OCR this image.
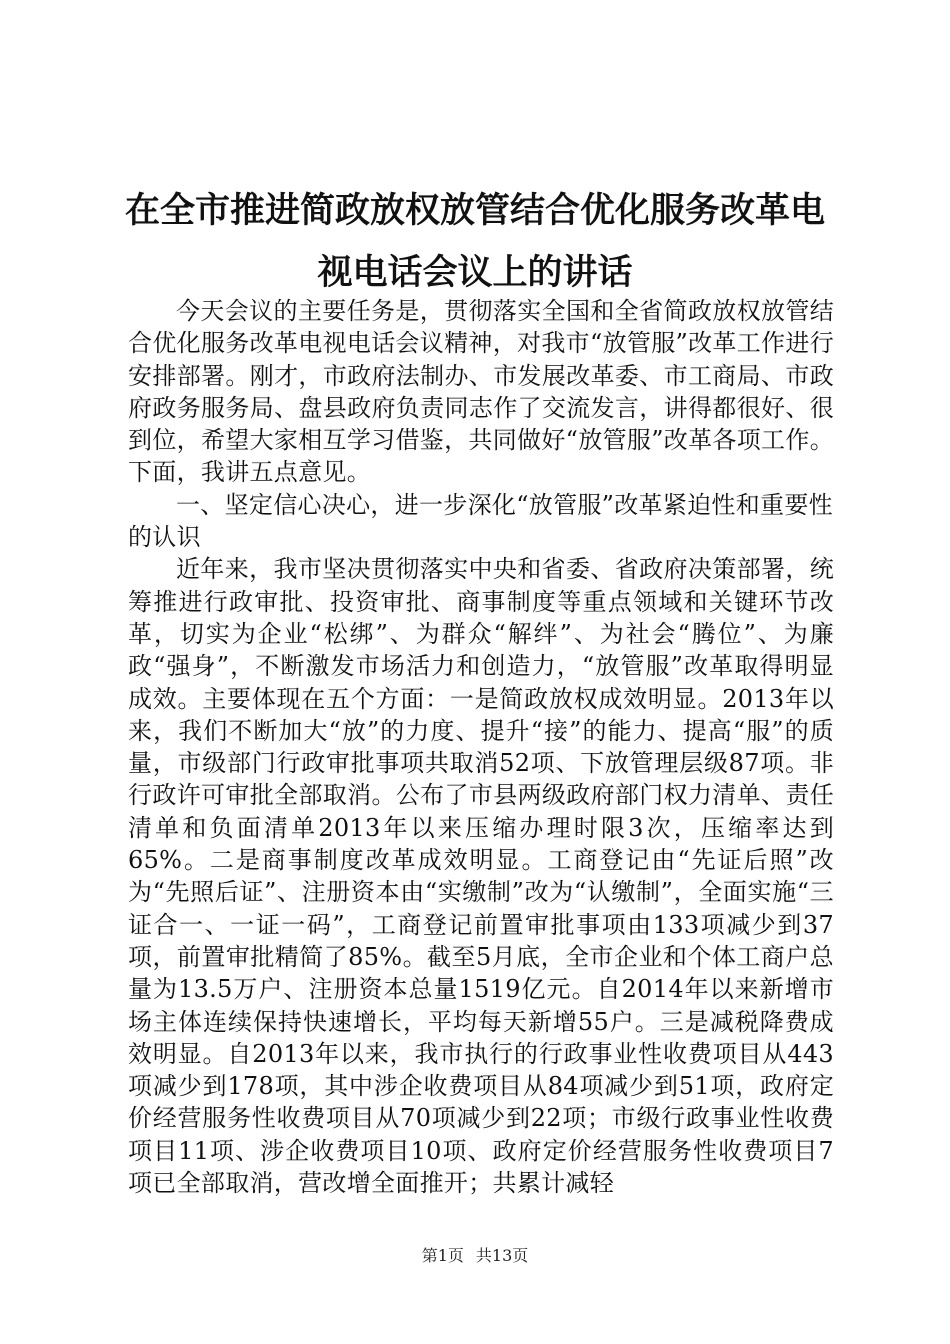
在全市推进简政放权放管结合优化服务改革电
视电话会议上的讲话

今天会议的主要任务是，贯彻落实全国和全省简政放权放管结合优化服务改革电视电话会议精神，对我市“放管服”改革工作进行安排部署。刚才，市政府法制办、市发展改革委、市工商局、市政府政务服务局、盘县政府负责同志作了交流发言，讲得都很好、很到位，希望大家相互学习借鉴，共同做好“放管服”改革各项工作。下面，我讲五点意见。

一、坚定信心决心，进一步深化“放管服”改革紧迫性和重要性的认识

近年来，我市坚决贯彻落实中央和省委、省政府决策部署，统筹推进行政审批、投资审批、商事制度等重点领域和关键环节改革，切实为企业“松绑”、为群众“解绊”、为社会“腾位”、为廉政“强身”，不断激发市场活力和创造力，“放管服”改革取得明显成效。主要体现在五个方面：一是简政放权成效明显。2013年以来，我们不断加大“放”的力度、提升“接”的能力、提高“服”的质量，市级部门行政审批事项共取消52项、下放管理层级87项。非行政许可审批全部取消。公布了市县两级政府部门权力清单、责任清单和负面清单2013年以来压缩办理时限3次，压缩率达到65%。二是商事制度改革成效明显。工商登记由“先证后照”改为“先照后证”、注册资本由“实缴制”改为“认缴制”，全面实施“三证合一、一证一码”，工商登记前置审批事项由133项减少到37项，前置审批精简了85%。截至5月底，全市企业和个体工商户总量为13.5万户、注册资本总量1519亿元。自2014年以来新增市场主体连续保持快速增长，平均每天新增55户。三是减税降费成效明显。自2013年以来，我市执行的行政事业性收费项目从443项减少到178项，其中涉企收费项目从84项减少到51项，政府定价经营服务性收费项目从70项减少到22项；市级行政事业性收费项目11项、涉企收费项目10项、政府定价经营服务性收费项目7项已全部取消，营改增全面推开；共累计减轻

第1页 共13页
